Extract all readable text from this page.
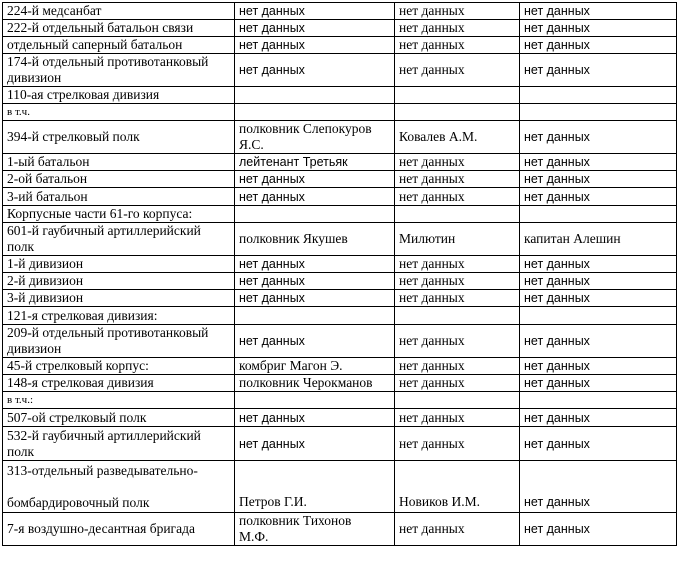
224-й медсанбат	нет данных	нет данных	нет данных

222-й отдельный батальон связи	нет данных	нет данных	нет данных

отдельный саперный батальон	нет данных	нет данных	нет данных

174-й отдельный противотанковый
дивизион	нет данных	нет данных	нет данных

110-ая стрелковая дивизия			

в т.ч.			

394-й стрелковый полк	полковник Слепокуров
Я.С.	Ковалев А.М.	нет данных

1-ый батальон	лейтенант Третьяк	нет данных	нет данных

2-ой батальон	нет данных	нет данных	нет данных

3-ий батальон	нет данных	нет данных	нет данных

Корпусные части 61-го корпуса:			

601-й гаубичный артиллерийский
полк	полковник Якушев	Милютин	капитан Алешин

1-й дивизион	нет данных	нет данных	нет данных

2-й дивизион	нет данных	нет данных	нет данных

3-й дивизион	нет данных	нет данных	нет данных

121-я стрелковая дивизия:			

209-й отдельный противотанковый
дивизион	нет данных	нет данных	нет данных

45-й стрелковый корпус:	комбриг Магон Э.	нет данных	нет данных

148-я стрелковая дивизия	полковник Черокманов	нет данных	нет данных

в т.ч.:			

507-ой стрелковый полк	нет данных	нет данных	нет данных

532-й гаубичный артиллерийский
полк	нет данных	нет данных	нет данных

313-отдельный разведывательно-

бомбардировочный полк	Петров Г.И.	Новиков И.М.	нет данных

7-я воздушно-десантная бригада	полковник Тихонов
М.Ф.	нет данных	нет данных
